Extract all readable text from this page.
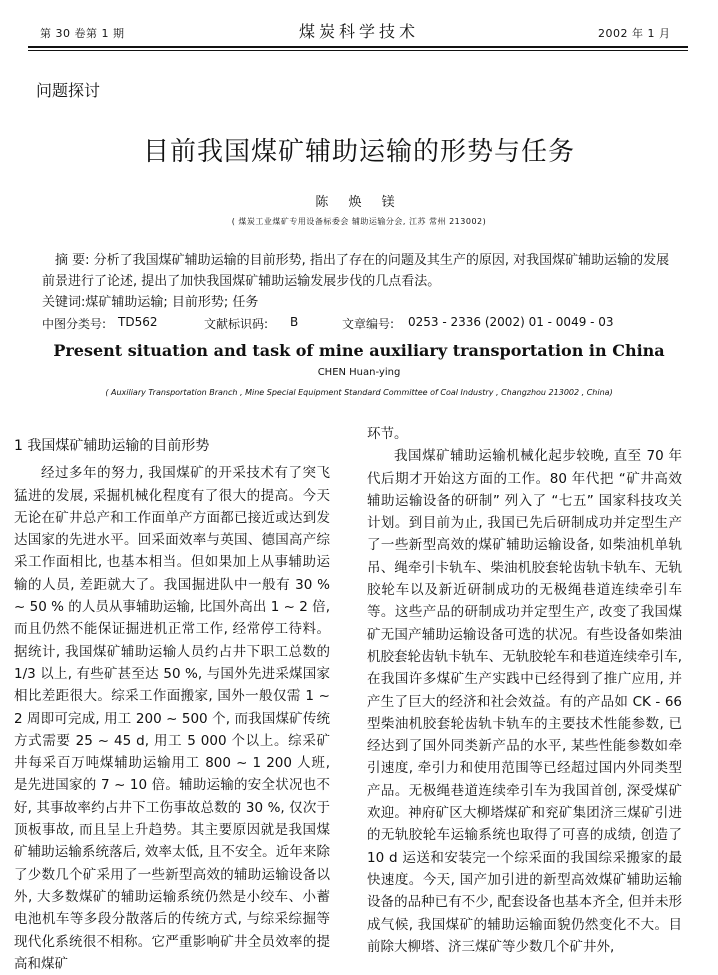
第 30 卷第 1 期	煤炭科学技术	2002 年 1 月
问题探讨
目前我国煤矿辅助运输的形势与任务
陈 焕 镁
( 煤炭工业煤矿专用设备标委会 辅助运输分会, 江苏 常州 213002)

摘 要: 分析了我国煤矿辅助运输的目前形势, 指出了存在的问题及其生产的原因, 对我国煤矿辅助运输的发展前景进行了论述, 提出了加快我国煤矿辅助运输发展步伐的几点看法。

关键词:煤矿辅助运输; 目前形势; 任务

中图分类号: TD562	文献标识码: B	文章编号: 0253 - 2336 (2002) 01 - 0049 - 03
Present situation and task of mine auxiliary transportation in China
CHEN Huan-ying
( Auxiliary Transportation Branch , Mine Special Equipment Standard Committee of Coal Industry , Changzhou 213002 , China)

1 我国煤矿辅助运输的目前形势

经过多年的努力, 我国煤矿的开采技术有了突飞猛进的发展, 采掘机械化程度有了很大的提高。今天无论在矿井总产和工作面单产方面都已接近或达到发达国家的先进水平。回采面效率与英国、德国高产综采工作面相比, 也基本相当。但如果加上从事辅助运输的人员, 差距就大了。我国掘进队中一般有 30 % ~ 50 % 的人员从事辅助运输, 比国外高出 1 ~ 2 倍, 而且仍然不能保证掘进机正常工作, 经常停工待料。据统计, 我国煤矿辅助运输人员约占井下职工总数的 1/3 以上, 有些矿甚至达 50 %, 与国外先进采煤国家相比差距很大。综采工作面搬家, 国外一般仅需 1 ~ 2 周即可完成, 用工 200 ~ 500 个, 而我国煤矿传统方式需要 25 ~ 45 d, 用工 5 000 个以上。综采矿井每采百万吨煤辅助运输用工 800 ~ 1 200 人班, 是先进国家的 7 ~ 10 倍。辅助运输的安全状况也不好, 其事故率约占井下工伤事故总数的 30 %, 仅次于顶板事故, 而且呈上升趋势。其主要原因就是我国煤矿辅助运输系统落后, 效率太低, 且不安全。近年来除了少数几个矿采用了一些新型高效的辅助运输设备以外, 大多数煤矿的辅助运输系统仍然是小绞车、小蓄电池机车等多段分散落后的传统方式, 与综采综掘等现代化系统很不相称。它严重影响矿井全员效率的提高和煤矿

环节。

我国煤矿辅助运输机械化起步较晚, 直至 70 年代后期才开始这方面的工作。80 年代把 “矿井高效辅助运输设备的研制” 列入了 “七五” 国家科技攻关计划。到目前为止, 我国已先后研制成功并定型生产了一些新型高效的煤矿辅助运输设备, 如柴油机单轨吊、绳牵引卡轨车、柴油机胶套轮齿轨卡轨车、无轨胶轮车以及新近研制成功的无极绳巷道连续牵引车等。这些产品的研制成功并定型生产, 改变了我国煤矿无国产辅助运输设备可选的状况。有些设备如柴油机胶套轮齿轨卡轨车、无轨胶轮车和巷道连续牵引车, 在我国许多煤矿生产实践中已经得到了推广应用, 并产生了巨大的经济和社会效益。有的产品如 CK - 66 型柴油机胶套轮齿轨卡轨车的主要技术性能参数, 已经达到了国外同类新产品的水平, 某些性能参数如牵引速度, 牵引力和使用范围等已经超过国内外同类型产品。无极绳巷道连续牵引车为我国首创, 深受煤矿欢迎。神府矿区大柳塔煤矿和兖矿集团济三煤矿引进的无轨胶轮车运输系统也取得了可喜的成绩, 创造了 10 d 运送和安装完一个综采面的我国综采搬家的最快速度。今天, 国产加引进的新型高效煤矿辅助运输设备的品种已有不少, 配套设备也基本齐全, 但并未形成气候, 我国煤矿的辅助运输面貌仍然变化不大。目前除大柳塔、济三煤矿等少数几个矿井外,
